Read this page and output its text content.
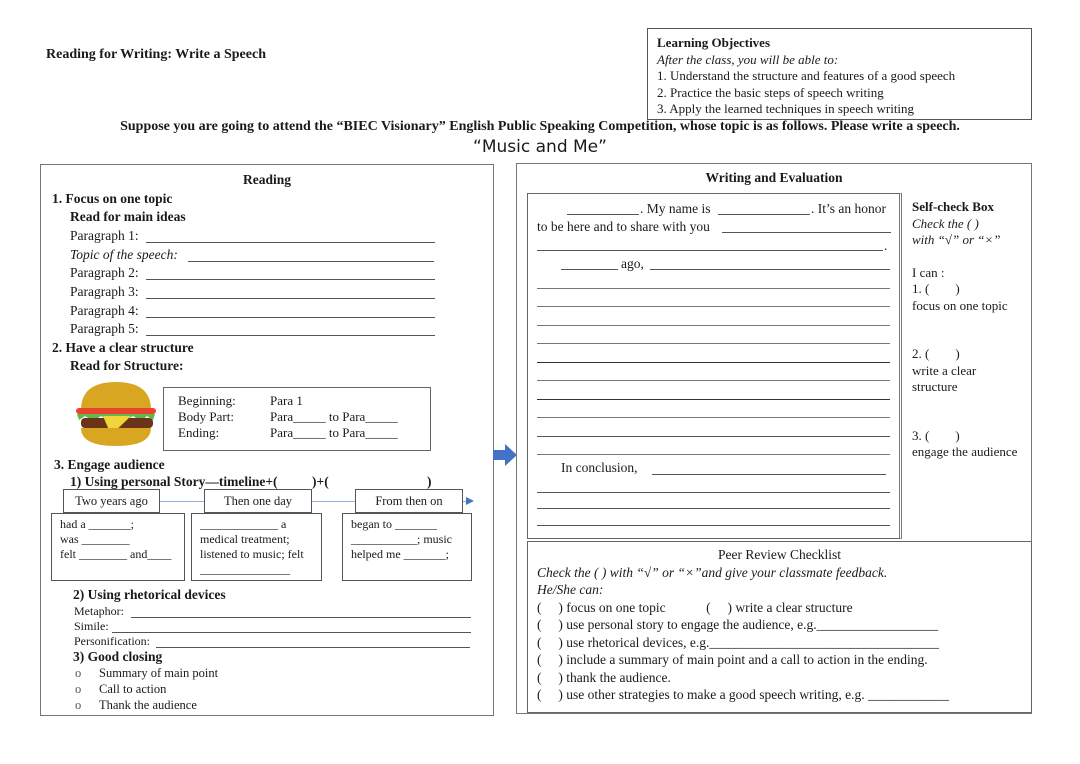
Reading for Writing: Write a Speech
Learning Objectives
After the class, you will be able to:
1. Understand the structure and features of a good speech
2. Practice the basic steps of speech writing
3. Apply the learned techniques in speech writing
Suppose you are going to attend the “BIEC Visionary” English Public Speaking Competition, whose topic is as follows. Please write a speech.
“Music and Me”
Reading
1. Focus on one topic
Read for main ideas
Paragraph 1:
Topic of the speech:
Paragraph 2:
Paragraph 3:
Paragraph 4:
Paragraph 5:
2. Have a clear structure
Read for Structure:
Beginning:	Para 1
Body Part:	Para_____ to Para_____
Ending:	Para_____ to Para_____
3. Engage audience
1) Using personal Story—timeline+(	)+(	)
Two years ago
had a _______;
was ________
felt ________ and____
Then one day
_____________ a
medical treatment;
listened to music; felt
_______________
From then on
began to _______
___________; music
helped me _______;
2) Using rhetorical devices
Metaphor:
Simile:
Personification:
3) Good closing
o Summary of main point
o Call to action
o Thank the audience
Writing and Evaluation
. My name is	. It’s an honor
to be here and to share with you
.
ago,
In conclusion,
Self-check Box
Check the ( )
with “√” or “×”
I can :
1. (        )
focus on one topic
2. (        )
write a clear structure
3. (        )
engage the audience
Peer Review Checklist
Check the ( ) with “√” or “×”and give your classmate feedback.
He/She can:
(     ) focus on one topic            (     ) write a clear structure
(     ) use personal story to engage the audience, e.g.__________________
(     ) use rhetorical devices, e.g.__________________________________
(     ) include a summary of main point and a call to action in the ending.
(     ) thank the audience.
(     ) use other strategies to make a good speech writing, e.g. ____________
